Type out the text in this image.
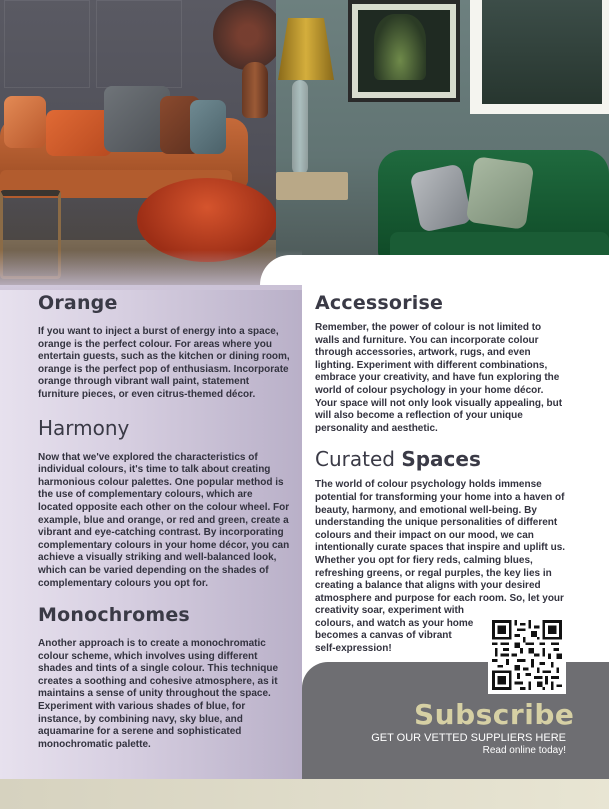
Orange

If you want to inject a burst of energy into a space, orange is the perfect colour. For areas where you entertain guests, such as the kitchen or dining room, orange is the perfect pop of enthusiasm. Incorporate orange through vibrant wall paint, statement furniture pieces, or even citrus-themed décor.

Harmony

Now that we've explored the characteristics of individual colours, it's time to talk about creating harmonious colour palettes. One popular method is the use of complementary colours, which are located opposite each other on the colour wheel. For example, blue and orange, or red and green, create a vibrant and eye-catching contrast. By incorporating complementary colours in your home décor, you can achieve a visually striking and well-balanced look, which can be varied depending on the shades of complementary colours you opt for.

Monochromes

Another approach is to create a monochromatic colour scheme, which involves using different shades and tints of a single colour. This technique creates a soothing and cohesive atmosphere, as it maintains a sense of unity throughout the space. Experiment with various shades of blue, for instance, by combining navy, sky blue, and aquamarine for a serene and sophisticated monochromatic palette.

Accessorise

Remember, the power of colour is not limited to walls and furniture. You can incorporate colour through accessories, artwork, rugs, and even lighting. Experiment with different combinations, embrace your creativity, and have fun exploring the world of colour psychology in your home décor. Your space will not only look visually appealing, but will also become a reflection of your unique personality and aesthetic.

Curated Spaces

The world of colour psychology holds immense potential for transforming your home into a haven of beauty, harmony, and emotional well-being. By understanding the unique personalities of different colours and their impact on our mood, we can intentionally curate spaces that inspire and uplift us. Whether you opt for fiery reds, calming blues, refreshing greens, or regal purples, the key lies in creating a balance that aligns with your desired atmosphere and purpose for each room. So, let your creativity soar, experiment with

colours, and watch as your home becomes a canvas of vibrant self-expression!

Subscribe
GET OUR VETTED SUPPLIERS HERE
Read online today!
